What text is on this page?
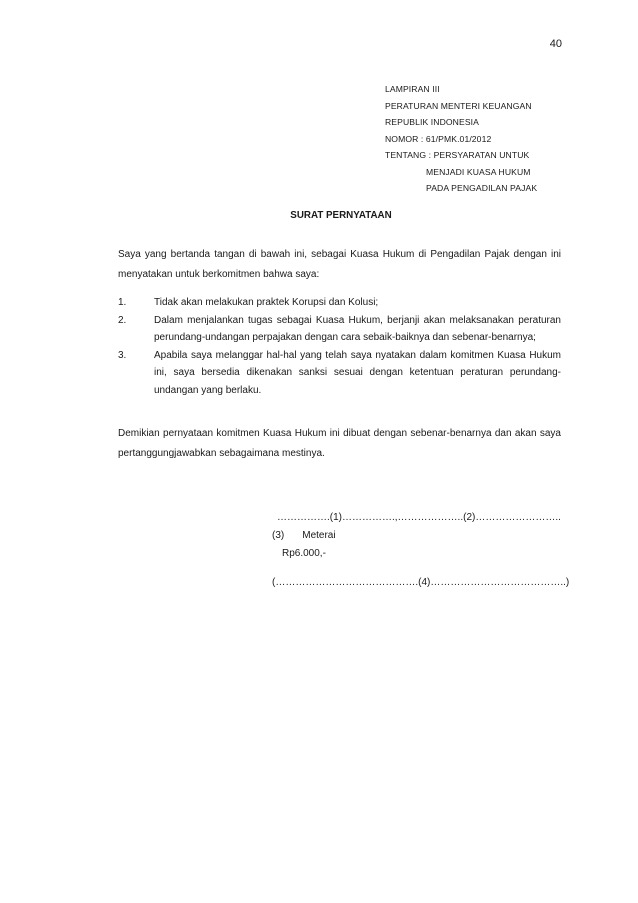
40
LAMPIRAN III
PERATURAN MENTERI KEUANGAN
REPUBLIK INDONESIA
NOMOR : 61/PMK.01/2012
TENTANG : PERSYARATAN UNTUK
MENJADI KUASA HUKUM
PADA PENGADILAN PAJAK
SURAT PERNYATAAN
Saya yang bertanda tangan di bawah ini, sebagai Kuasa Hukum di Pengadilan Pajak dengan ini menyatakan untuk berkomitmen bahwa saya:
1.	Tidak akan melakukan praktek Korupsi dan Kolusi;
2.	Dalam menjalankan tugas sebagai Kuasa Hukum, berjanji akan melaksanakan peraturan perundang-undangan perpajakan dengan cara sebaik-baiknya dan sebenar-benarnya;
3.	Apabila saya melanggar hal-hal yang telah saya nyatakan dalam komitmen Kuasa Hukum ini, saya bersedia dikenakan sanksi sesuai dengan ketentuan peraturan perundang-undangan yang berlaku.
Demikian pernyataan komitmen Kuasa Hukum ini dibuat dengan sebenar-benarnya dan akan saya pertanggungjawabkan sebagaimana mestinya.
…………….(1)…………….,………………..(2)……………………..
(3) Meterai
Rp6.000,-
(…………………………………….(4)…………………………………..)
